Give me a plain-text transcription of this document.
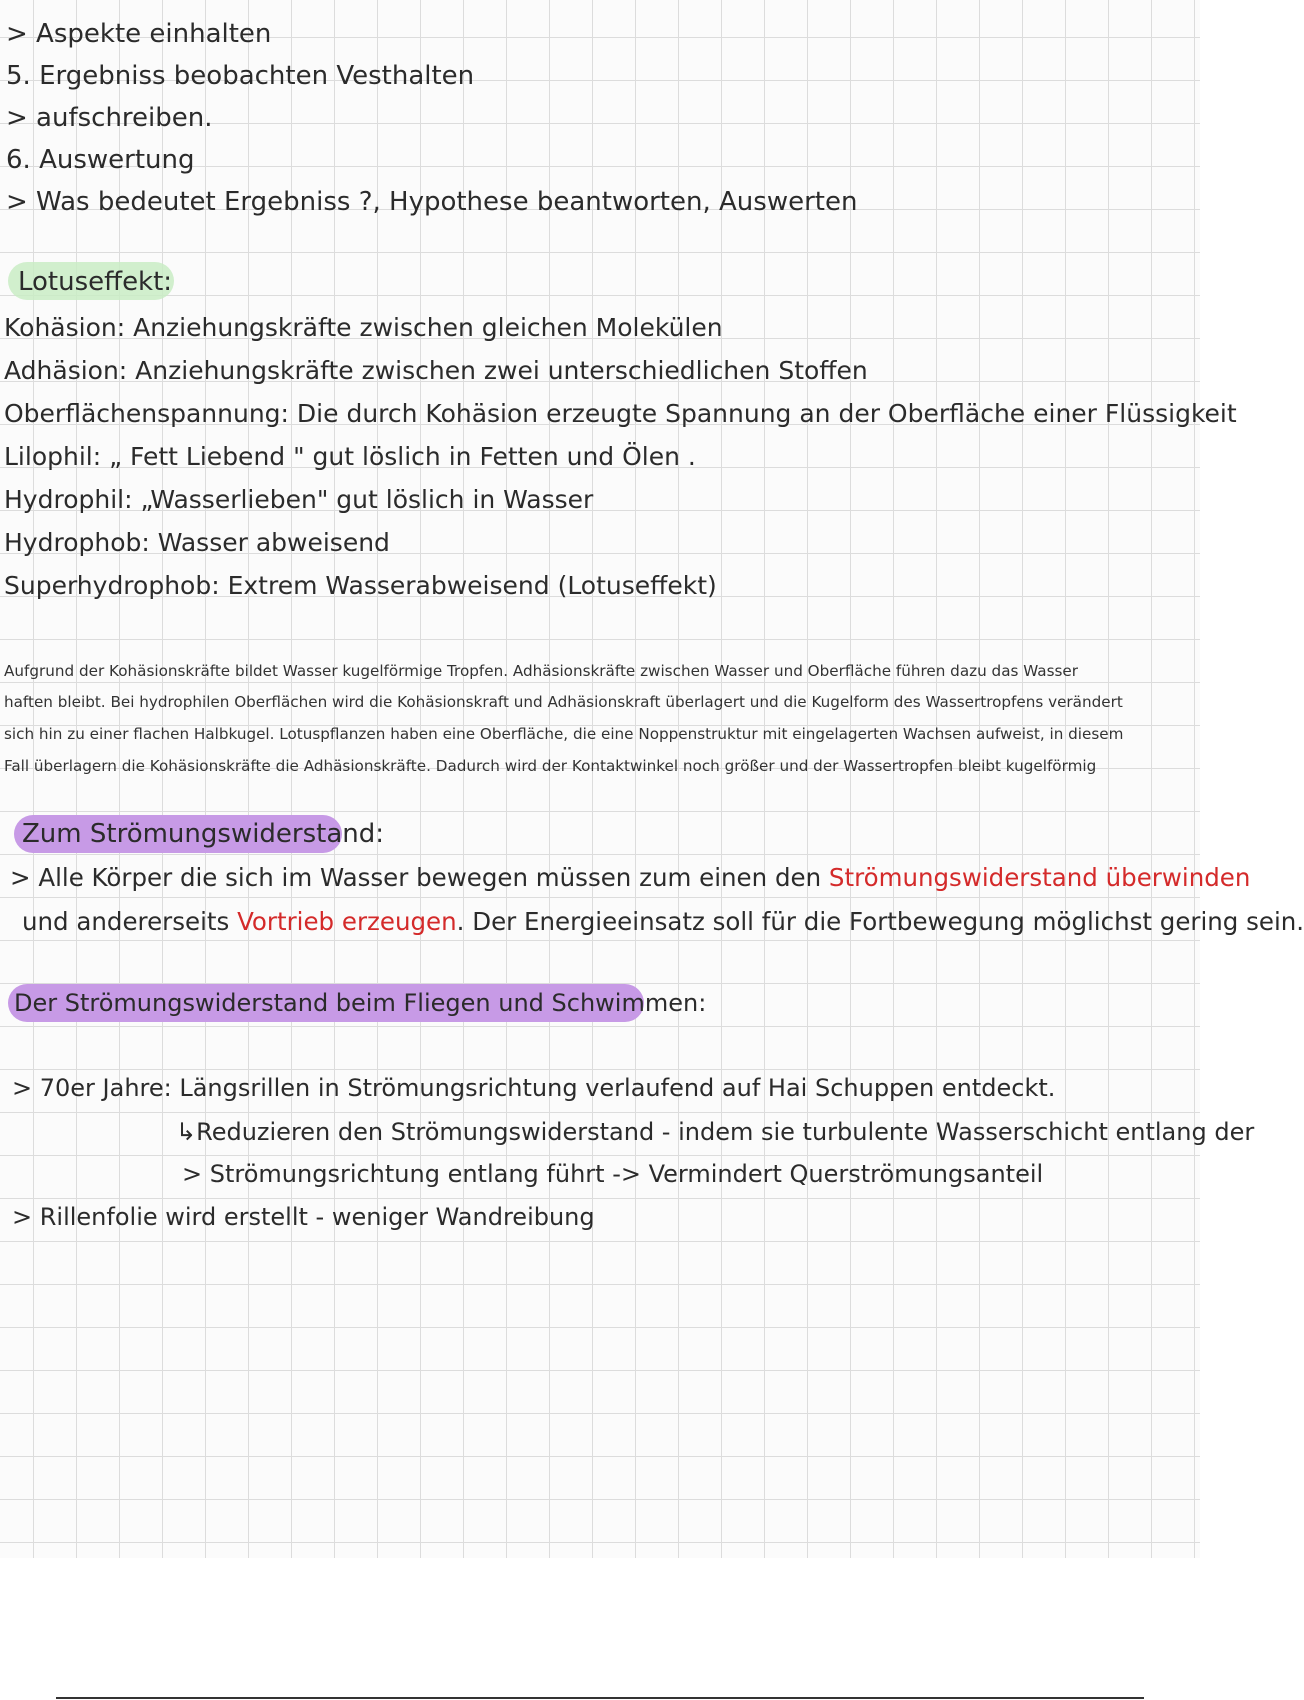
> Aspekte einhalten
5. Ergebniss beobachten Vesthalten
> aufschreiben.
6. Auswertung
> Was bedeutet Ergebniss ?, Hypothese beantworten, Auswerten
Lotuseffekt:
Kohäsion: Anziehungskräfte zwischen gleichen Molekülen
Adhäsion: Anziehungskräfte zwischen zwei unterschiedlichen Stoffen
Oberflächenspannung: Die durch Kohäsion erzeugte Spannung an der Oberfläche einer Flüssigkeit
Lilophil: „ Fett Liebend " gut löslich in Fetten und Ölen .
Hydrophil: „Wasserlieben" gut löslich in Wasser
Hydrophob: Wasser abweisend
Superhydrophob: Extrem Wasserabweisend (Lotuseffekt)
Aufgrund der Kohäsionskräfte bildet Wasser kugelförmige Tropfen. Adhäsionskräfte zwischen Wasser und Oberfläche führen dazu das Wasser
haften bleibt. Bei hydrophilen Oberflächen wird die Kohäsionskraft und Adhäsionskraft überlagert und die Kugelform des Wassertropfens verändert
sich hin zu einer flachen Halbkugel. Lotuspflanzen haben eine Oberfläche, die eine Noppenstruktur mit eingelagerten Wachsen aufweist, in diesem
Fall überlagern die Kohäsionskräfte die Adhäsionskräfte. Dadurch wird der Kontaktwinkel noch größer und der Wassertropfen bleibt kugelförmig
Zum Strömungswiderstand:
> Alle Körper die sich im Wasser bewegen müssen zum einen den Strömungswiderstand überwinden
und andererseits Vortrieb erzeugen. Der Energieeinsatz soll für die Fortbewegung möglichst gering sein.
Der Strömungswiderstand beim Fliegen und Schwimmen:
> 70er Jahre: Längsrillen in Strömungsrichtung verlaufend auf Hai Schuppen entdeckt.
↳Reduzieren den Strömungswiderstand - indem sie turbulente Wasserschicht entlang der
> Strömungsrichtung entlang führt -> Vermindert Querströmungsanteil
> Rillenfolie wird erstellt - weniger Wandreibung
